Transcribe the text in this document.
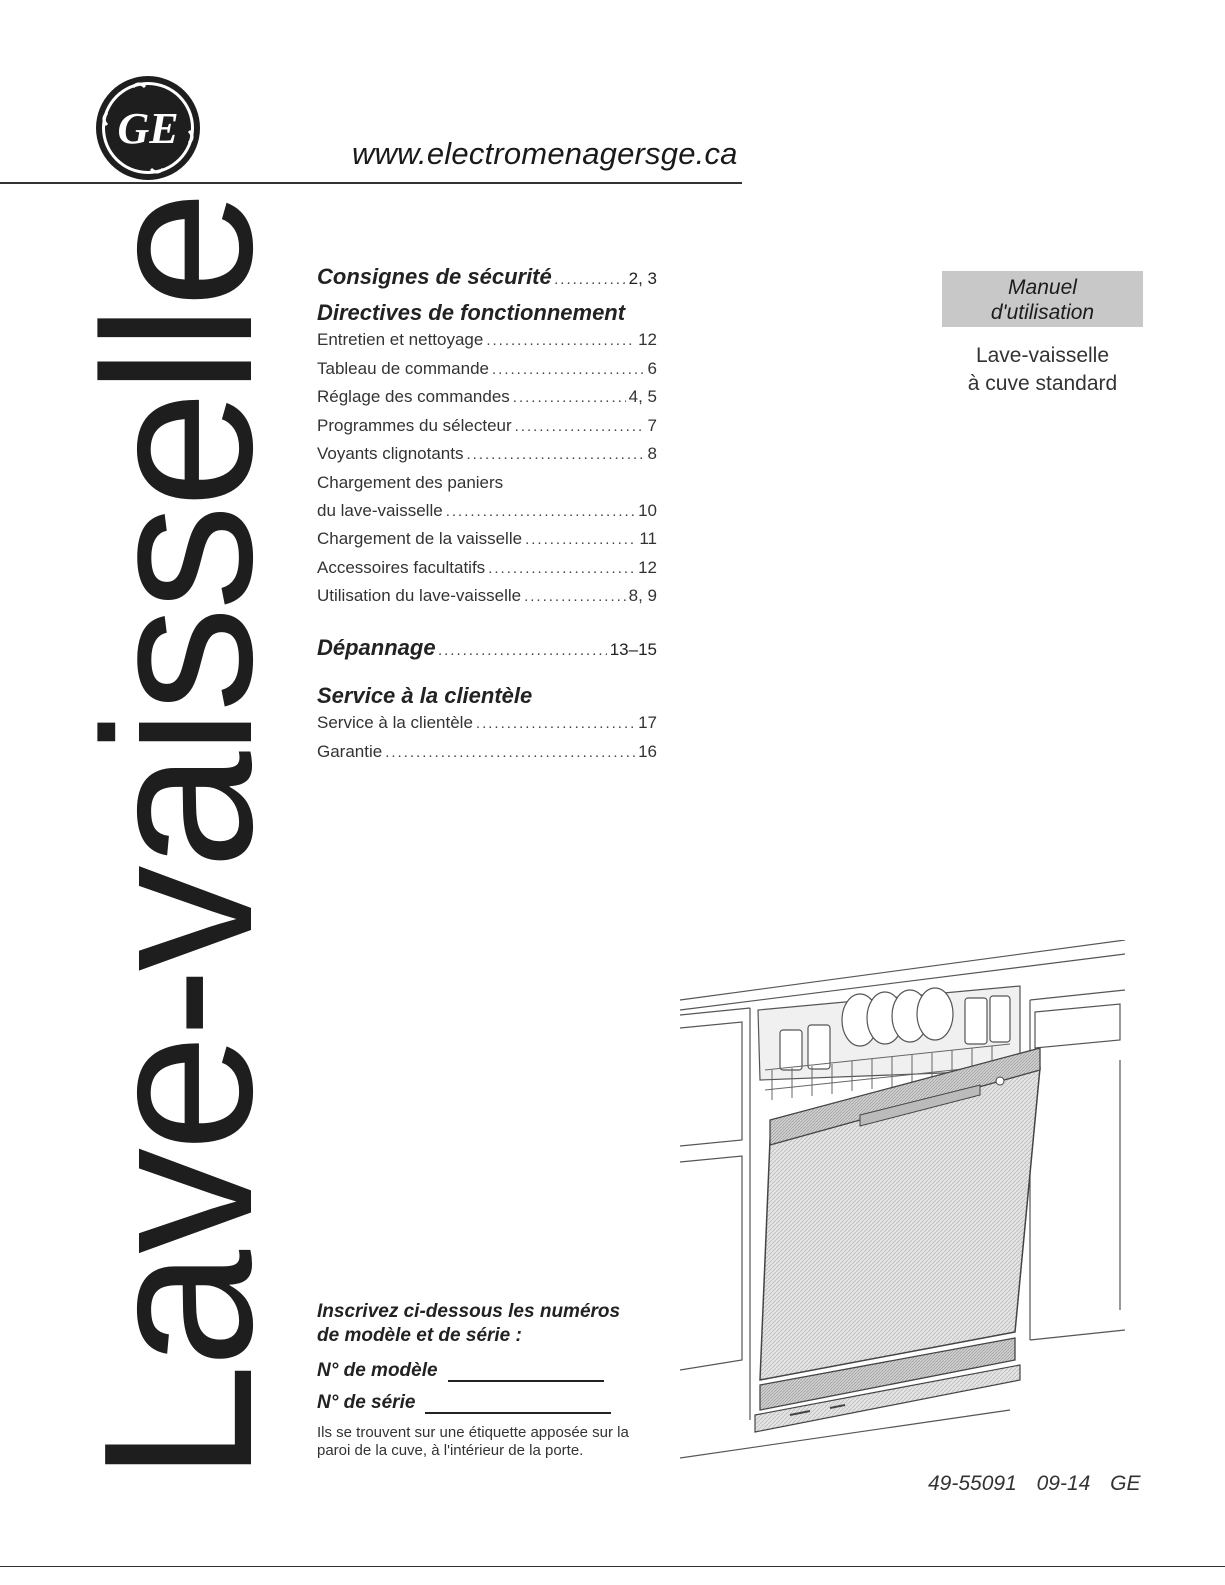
GE
www.electromenagersge.ca
Lave-vaisselle Consignes de sécurité .....	2, 3
Directives de fonctionnement
Entretien et nettoyage .....	12
Tableau de commande .....	6
Réglage des commandes .....	4, 5
Programmes du sélecteur .....	7
Voyants clignotants .....	8
Chargement des paniers
du lave-vaisselle .....	10
Chargement de la vaisselle .....	11
Accessoires facultatifs .....	12
Utilisation du lave-vaisselle .....	8, 9
Dépannage .....	13–15
Service à la clientèle
Service à la clientèle .....	17
Garantie .....	16
Manuel
d'utilisation
Lave-vaisselle
à cuve standard
Inscrivez ci-dessous les numéros
de modèle et de série :
N° de modèle
N° de série
Ils se trouvent sur une étiquette apposée sur la paroi de la cuve, à l'intérieur de la porte.
49-55091 09-14 GE
